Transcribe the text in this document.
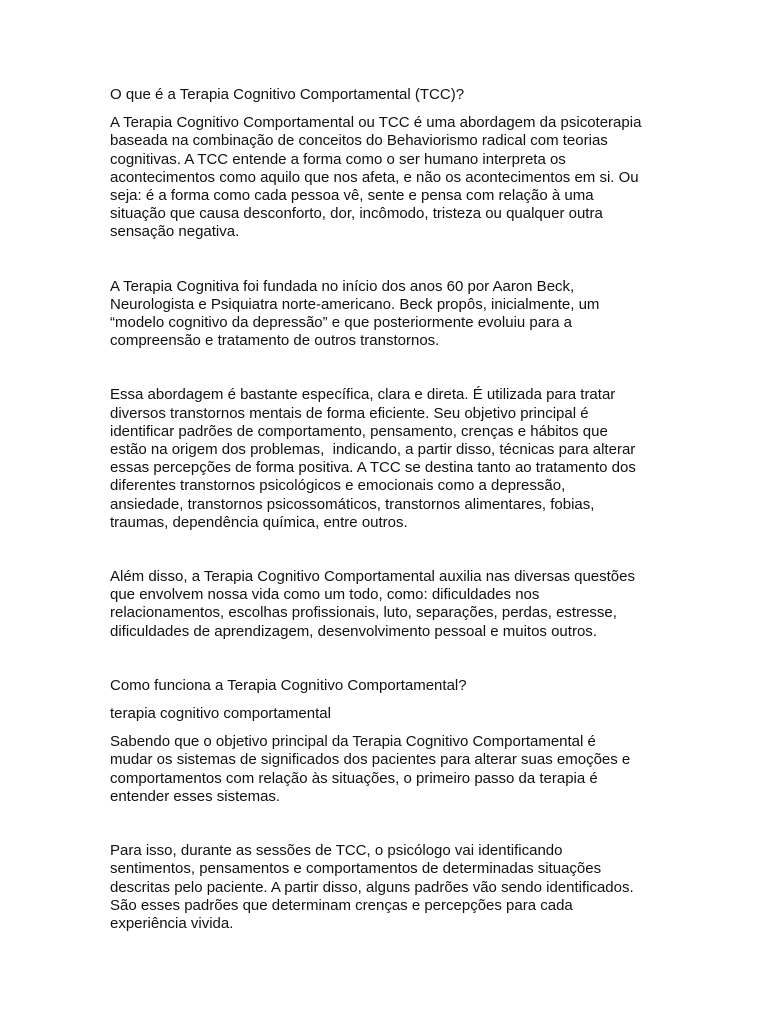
O que é a Terapia Cognitivo Comportamental (TCC)?

A Terapia Cognitivo Comportamental ou TCC é uma abordagem da psicoterapia
baseada na combinação de conceitos do Behaviorismo radical com teorias
cognitivas. A TCC entende a forma como o ser humano interpreta os
acontecimentos como aquilo que nos afeta, e não os acontecimentos em si. Ou
seja: é a forma como cada pessoa vê, sente e pensa com relação à uma
situação que causa desconforto, dor, incômodo, tristeza ou qualquer outra
sensação negativa.

A Terapia Cognitiva foi fundada no início dos anos 60 por Aaron Beck,
Neurologista e Psiquiatra norte-americano. Beck propôs, inicialmente, um
“modelo cognitivo da depressão” e que posteriormente evoluiu para a
compreensão e tratamento de outros transtornos.

Essa abordagem é bastante específica, clara e direta. É utilizada para tratar
diversos transtornos mentais de forma eficiente. Seu objetivo principal é
identificar padrões de comportamento, pensamento, crenças e hábitos que
estão na origem dos problemas,  indicando, a partir disso, técnicas para alterar
essas percepções de forma positiva. A TCC se destina tanto ao tratamento dos
diferentes transtornos psicológicos e emocionais como a depressão,
ansiedade, transtornos psicossomáticos, transtornos alimentares, fobias,
traumas, dependência química, entre outros.

Além disso, a Terapia Cognitivo Comportamental auxilia nas diversas questões
que envolvem nossa vida como um todo, como: dificuldades nos
relacionamentos, escolhas profissionais, luto, separações, perdas, estresse,
dificuldades de aprendizagem, desenvolvimento pessoal e muitos outros.

Como funciona a Terapia Cognitivo Comportamental?

terapia cognitivo comportamental

Sabendo que o objetivo principal da Terapia Cognitivo Comportamental é
mudar os sistemas de significados dos pacientes para alterar suas emoções e
comportamentos com relação às situações, o primeiro passo da terapia é
entender esses sistemas.

Para isso, durante as sessões de TCC, o psicólogo vai identificando
sentimentos, pensamentos e comportamentos de determinadas situações
descritas pelo paciente. A partir disso, alguns padrões vão sendo identificados.
São esses padrões que determinam crenças e percepções para cada
experiência vivida.
